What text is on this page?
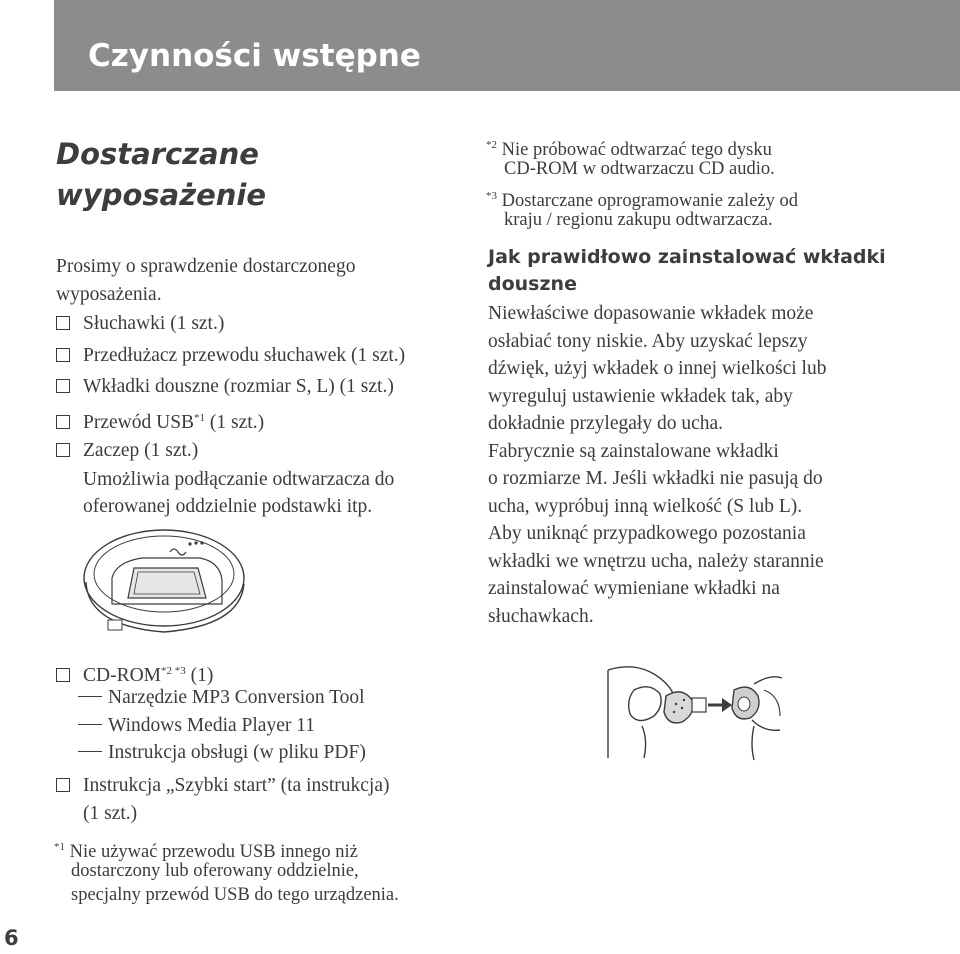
Czynności wstępne
Dostarczane
wyposażenie
Prosimy o sprawdzenie dostarczonego
wyposażenia.
Słuchawki (1 szt.)
Przedłużacz przewodu słuchawek (1 szt.)
Wkładki douszne (rozmiar S, L) (1 szt.)
Przewód USB$^{*1}$ (1 szt.)
Zaczep (1 szt.)
Umożliwia podłączanie odtwarzacza do
oferowanej oddzielnie podstawki itp.
$CD-ROM^{*2 *3}$ (1)
Narzędzie MP3 Conversion Tool
Windows Media Player 11
Instrukcja obsługi (w pliku PDF)
Instrukcja „Szybki start” (ta instrukcja)
(1 szt.)
$^{*1}$ Nie używać przewodu USB innego niż
dostarczony lub oferowany oddzielnie,
specjalny przewód USB do tego urządzenia.
$^{*2}$ Nie próbować odtwarzać tego dysku
CD-ROM w odtwarzaczu CD audio.
$^{*3}$ Dostarczane oprogramowanie zależy od
kraju / regionu zakupu odtwarzacza.
Jak prawidłowo zainstalować wkładki
douszne
Niewłaściwe dopasowanie wkładek może
osłabiać tony niskie. Aby uzyskać lepszy
dźwięk, użyj wkładek o innej wielkości lub
wyreguluj ustawienie wkładek tak, aby
dokładnie przylegały do ucha.
Fabrycznie są zainstalowane wkładki
o rozmiarze M. Jeśli wkładki nie pasują do
ucha, wypróbuj inną wielkość (S lub L).
Aby uniknąć przypadkowego pozostania
wkładki we wnętrzu ucha, należy starannie
zainstalować wymieniane wkładki na
słuchawkach.
6
